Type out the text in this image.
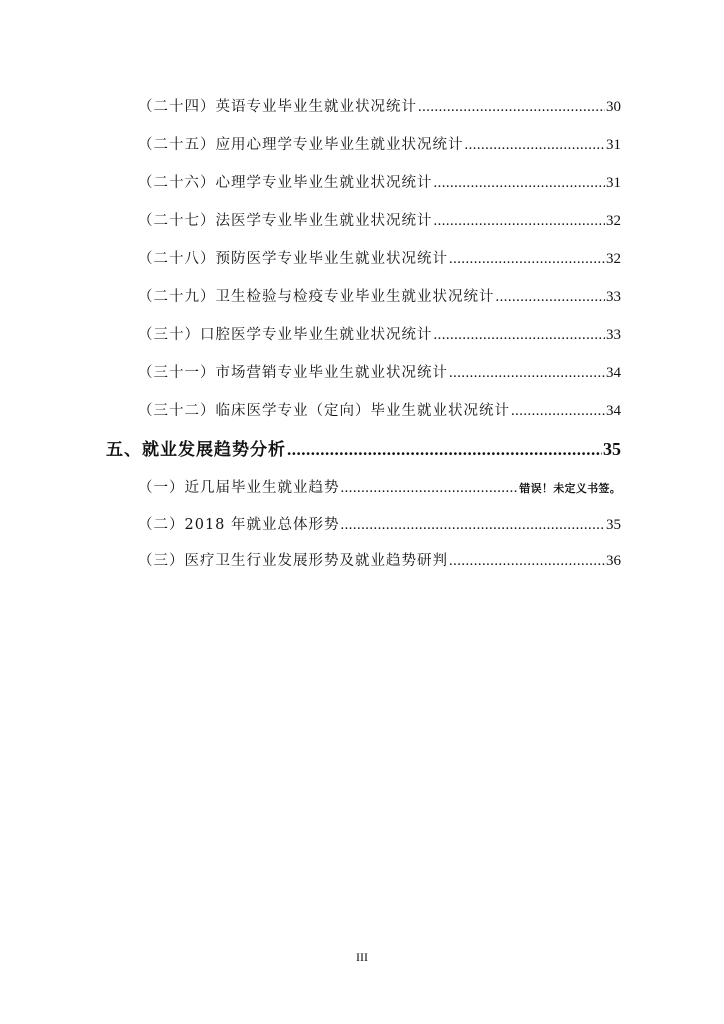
（二十四） 英语专业毕业生就业状况统计 .....	30
（二十五） 应用心理学专业毕业生就业状况统计 .....	31
（二十六） 心理学专业毕业生就业状况统计 .....	31
（二十七） 法医学专业毕业生就业状况统计 .....	32
（二十八） 预防医学专业毕业生就业状况统计 .....	32
（二十九） 卫生检验与检疫专业毕业生就业状况统计 .....	33
（三十） 口腔医学专业毕业生就业状况统计 .....	33
（三十一） 市场营销专业毕业生就业状况统计 .....	34
（三十二） 临床医学专业（定向）毕业生就业状况统计 .....	34
五、就业发展趋势分析 .....	35
（一） 近几届毕业生就业趋势 .....	错误！未定义书签。
（二） 2018 年就业总体形势 .....	35
（三） 医疗卫生行业发展形势及就业趋势研判 .....	36
III
